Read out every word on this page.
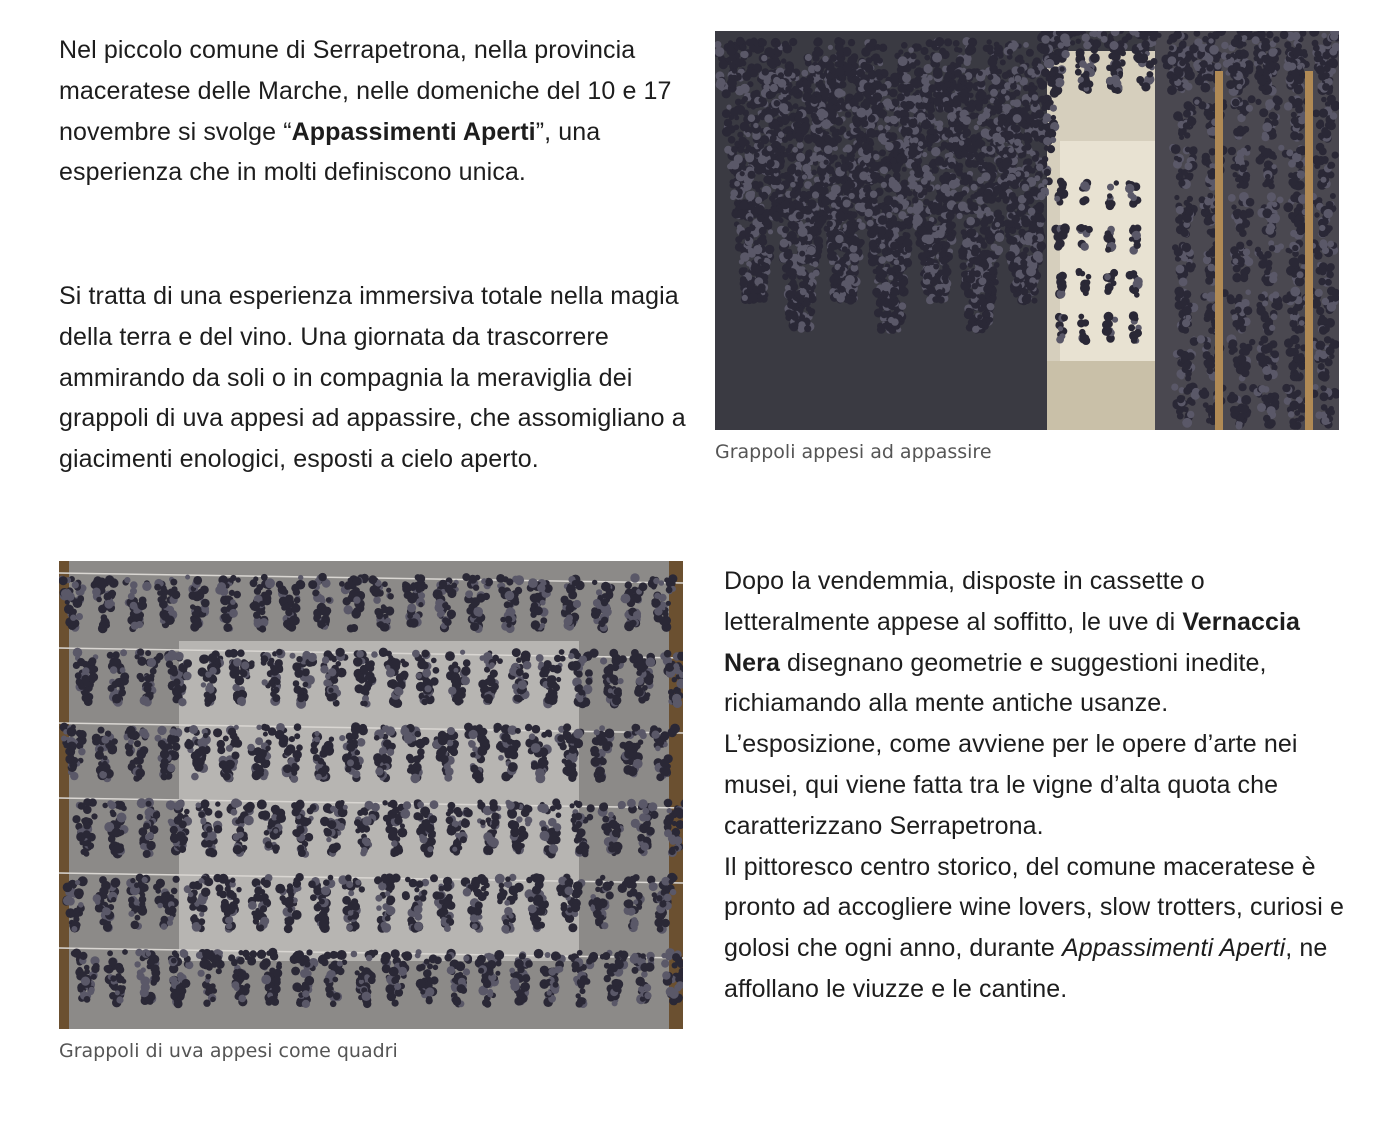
Nel piccolo comune di Serrapetrona, nella provincia maceratese delle Marche, nelle domeniche del 10 e 17 novembre si svolge “Appassimenti Aperti”, una esperienza che in molti definiscono unica.

Si tratta di una esperienza immersiva totale nella magia della terra e del vino. Una giornata da trascorrere ammirando da soli o in compagnia la meraviglia dei grappoli di uva appesi ad appassire, che assomigliano a giacimenti enologici, esposti a cielo aperto.	Grappoli appesi ad appassire

Grappoli di uva appesi come quadri

Dopo la vendemmia, disposte in cassette o letteralmente appese al soffitto, le uve di Vernaccia Nera disegnano geometrie e suggestioni inedite, richiamando alla mente antiche usanze.
L’esposizione, come avviene per le opere d’arte nei musei, qui viene fatta tra le vigne d’alta quota che caratterizzano Serrapetrona.
Il pittoresco centro storico, del comune maceratese è pronto ad accogliere wine lovers, slow trotters, curiosi e golosi che ogni anno, durante Appassimenti Aperti, ne affollano le viuzze e le cantine.
